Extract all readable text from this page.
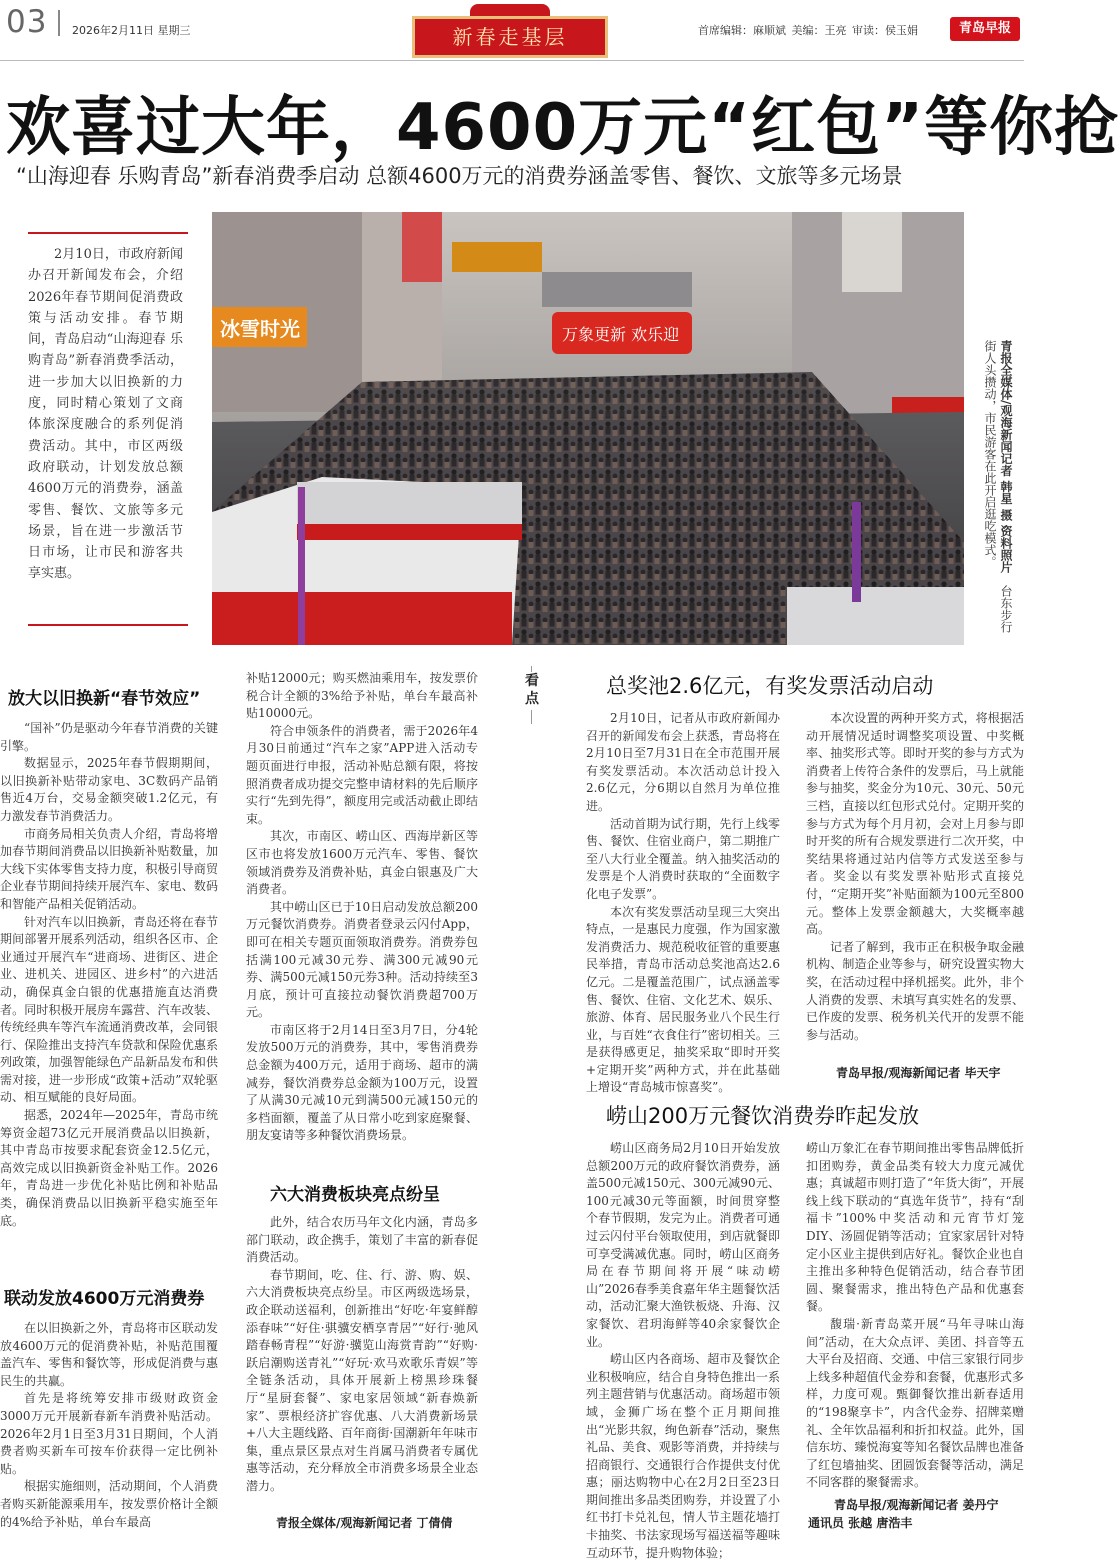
03 2026年2月11日 星期三	新春走基层	首席编辑：麻顺斌 美编：王亮 审读：侯玉娟	青岛早报
欢喜过大年，4600万元“红包”等你抢
“山海迎春 乐购青岛”新春消费季启动 总额4600万元的消费券涵盖零售、餐饮、文旅等多元场景
2月10日，市政府新闻办召开新闻发布会，介绍2026年春节期间促消费政策与活动安排。春节期间，青岛启动“山海迎春 乐购青岛”新春消费季活动，进一步加大以旧换新的力度，同时精心策划了文商体旅深度融合的系列促消费活动。其中，市区两级政府联动，计划发放总额4600万元的消费券，涵盖零售、餐饮、文旅等多元场景，旨在进一步激活节日市场，让市民和游客共享实惠。
冰雪时光	万象更新 欢乐迎
青报全媒体/观海新闻记者 韩星 摄 资料照片　台东步行街人头攒动，市民游客在此开启逛吃模式。
放大以旧换新“春节效应”

“国补”仍是驱动今年春节消费的关键引擎。

数据显示，2025年春节假期期间，以旧换新补贴带动家电、3C数码产品销售近4万台，交易金额突破1.2亿元，有力激发春节消费活力。

市商务局相关负责人介绍，青岛将增加春节期间消费品以旧换新补贴数量，加大线下实体零售支持力度，积极引导商贸企业春节期间持续开展汽车、家电、数码和智能产品相关促销活动。

针对汽车以旧换新，青岛还将在春节期间部署开展系列活动，组织各区市、企业通过开展汽车“进商场、进街区、进企业、进机关、进园区、进乡村”的六进活动，确保真金白银的优惠措施直达消费者。同时积极开展房车露营、汽车改装、传统经典车等汽车流通消费改革，会同银行、保险推出支持汽车贷款和保险优惠系列政策，加强智能绿色产品新品发布和供需对接，进一步形成“政策+活动”双轮驱动、相互赋能的良好局面。

据悉，2024年—2025年，青岛市统筹资金超73亿元开展消费品以旧换新，其中青岛市按要求配套资金12.5亿元，高效完成以旧换新资金补贴工作。2026年，青岛进一步优化补贴比例和补贴品类，确保消费品以旧换新平稳实施至年底。

联动发放4600万元消费券

在以旧换新之外，青岛将市区联动发放4600万元的促消费补贴，补贴范围覆盖汽车、零售和餐饮等，形成促消费与惠民生的共赢。

首先是将统筹安排市级财政资金3000万元开展新春新车消费补贴活动。2026年2月1日至3月31日期间，个人消费者购买新车可按车价获得一定比例补贴。

根据实施细则，活动期间，个人消费者购买新能源乘用车，按发票价格计全额的4%给予补贴，单台车最高

补贴12000元；购买燃油乘用车，按发票价税合计全额的3%给予补贴，单台车最高补贴10000元。

符合申领条件的消费者，需于2026年4月30日前通过“汽车之家”APP进入活动专题页面进行申报，活动补贴总额有限，将按照消费者成功提交完整申请材料的先后顺序实行“先到先得”，额度用完或活动截止即结束。

其次，市南区、崂山区、西海岸新区等区市也将发放1600万元汽车、零售、餐饮领域消费券及消费补贴，真金白银惠及广大消费者。

其中崂山区已于10日启动发放总额200万元餐饮消费券。消费者登录云闪付App，即可在相关专题页面领取消费券。消费券包括满100元减30元券、满300元减90元券、满500元减150元券3种。活动持续至3月底，预计可直接拉动餐饮消费超700万元。

市南区将于2月14日至3月7日，分4轮发放500万元的消费券，其中，零售消费券总金额为400万元，适用于商场、超市的满减券，餐饮消费券总金额为100万元，设置了从满30元减10元到满500元减150元的多档面额，覆盖了从日常小吃到家庭聚餐、朋友宴请等多种餐饮消费场景。

六大消费板块亮点纷呈

此外，结合农历马年文化内涵，青岛多部门联动，政企携手，策划了丰富的新春促消费活动。

春节期间，吃、住、行、游、购、娱、六大消费板块亮点纷呈。市区两级选场景，政企联动送福利，创新推出“好吃·年宴鲜醇添春味”“好住·骐骥安栖享青居”“好行·驰风踏春畅青程”“好游·骥览山海赏青韵”“好购·跃启潮购送青礼”“好玩·欢马欢歌乐青娱”等全链条活动，具体开展新上榜黑珍珠餐厅“星厨套餐”、家电家居领域“新春焕新家”、票根经济扩容优惠、八大消费新场景+八大主题线路、百年商街·国潮新年年味市集，重点景区景点对生肖属马消费者专属优惠等活动，充分释放全市消费多场景全业态潜力。

青报全媒体/观海新闻记者 丁倩倩
看点
总奖池2.6亿元，有奖发票活动启动

2月10日，记者从市政府新闻办召开的新闻发布会上获悉，青岛将在2月10日至7月31日在全市范围开展有奖发票活动。本次活动总计投入2.6亿元，分6期以自然月为单位推进。

活动首期为试行期，先行上线零售、餐饮、住宿业商户，第二期推广至八大行业全覆盖。纳入抽奖活动的发票是个人消费时获取的“全面数字化电子发票”。

本次有奖发票活动呈现三大突出特点，一是惠民力度强，作为国家激发消费活力、规范税收征管的重要惠民举措，青岛市活动总奖池高达2.6亿元。二是覆盖范围广，试点涵盖零售、餐饮、住宿、文化艺术、娱乐、旅游、体育、居民服务业八个民生行业，与百姓“衣食住行”密切相关。三是获得感更足，抽奖采取“即时开奖+定期开奖”两种方式，并在此基础上增设“青岛城市惊喜奖”。

本次设置的两种开奖方式，将根据活动开展情况适时调整奖项设置、中奖概率、抽奖形式等。即时开奖的参与方式为消费者上传符合条件的发票后，马上就能参与抽奖，奖金分为10元、30元、50元三档，直接以红包形式兑付。定期开奖的参与方式为每个月月初，会对上月参与即时开奖的所有合规发票进行二次开奖，中奖结果将通过站内信等方式发送至参与者。奖金以有奖发票补贴形式直接兑付，“定期开奖”补贴面额为100元至800元。整体上发票金额越大，大奖概率越高。

记者了解到，我市正在积极争取金融机构、制造企业等参与，研究设置实物大奖，在活动过程中择机摇奖。此外，非个人消费的发票、未填写真实姓名的发票、已作废的发票、税务机关代开的发票不能参与活动。

青岛早报/观海新闻记者 毕天宇
崂山200万元餐饮消费券昨起发放

崂山区商务局2月10日开始发放总额200万元的政府餐饮消费券，涵盖500元减150元、300元减90元、100元减30元等面额，时间贯穿整个春节假期，发完为止。消费者可通过云闪付平台领取使用，到店就餐即可享受满减优惠。同时，崂山区商务局在春节期间将开展“味动崂山”2026春季美食嘉年华主题餐饮活动，活动汇聚大渔铁板烧、升海、汉家餐饮、君玥海鲜等40余家餐饮企业。

崂山区内各商场、超市及餐饮企业积极响应，结合自身特色推出一系列主题营销与优惠活动。商场超市领域，金狮广场在整个正月期间推出“光影共叙，绚色新春”活动，聚焦礼品、美食、观影等消费，并持续与招商银行、交通银行合作提供支付优惠；丽达购物中心在2月2日至23日期间推出多品类团购券，并设置了小红书打卡兑礼包，情人节主题花墙打卡抽奖、书法家现场写福送福等趣味互动环节，提升购物体验；

崂山万象汇在春节期间推出零售品牌低折扣团购券，黄金品类有较大力度元减优惠；真诚超市则打造了“年货大街”，开展线上线下联动的“真选年货节”，持有“刮福卡”100%中奖活动和元宵节灯笼DIY、汤圆促销等活动；宜家家居针对特定小区业主提供到店好礼。餐饮企业也自主推出多种特色促销活动，结合春节团圆、聚餐需求，推出特色产品和优惠套餐。

馥瑞·新青岛菜开展“马年寻味山海间”活动，在大众点评、美团、抖音等五大平台及招商、交通、中信三家银行同步上线多种超值代金券和套餐，优惠形式多样，力度可观。甄御餐饮推出新春适用的“198聚享卡”，内含代金券、招牌菜赠礼、全年饮品福利和折扣权益。此外，国信东坊、臻悦海宴等知名餐饮品牌也准备了红包墙抽奖、团圆饭套餐等活动，满足不同客群的聚餐需求。

青岛早报/观海新闻记者 姜丹宁
通讯员 张越 唐浩丰
